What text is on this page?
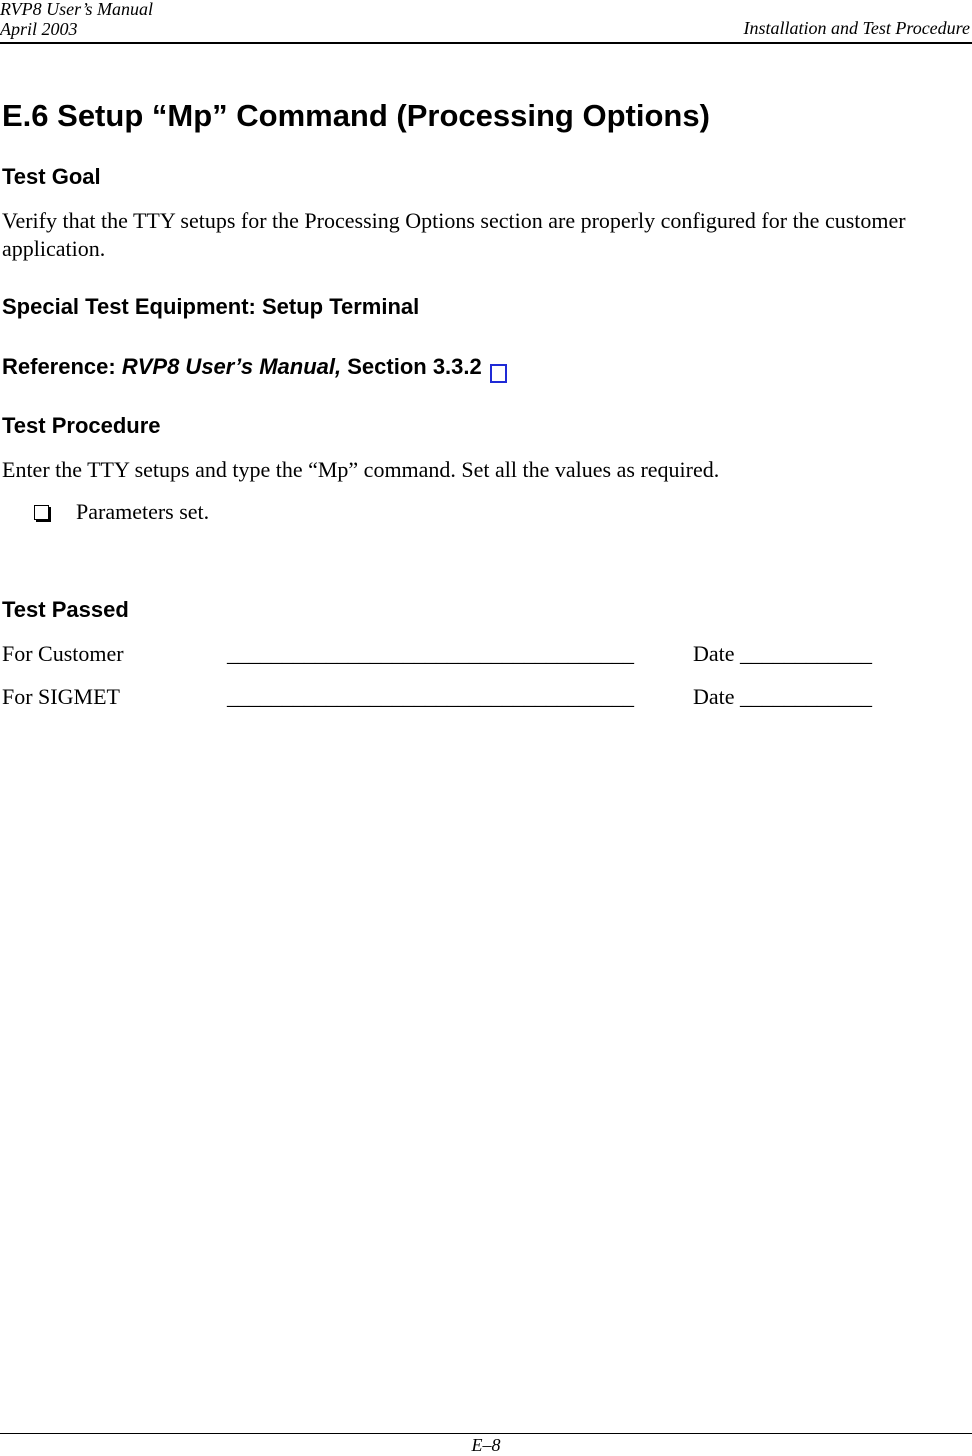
RVP8 User’s Manual
April 2003	Installation and Test Procedure
E.6 Setup “Mp” Command (Processing Options)
Test Goal
Verify that the TTY setups for the Processing Options section are properly configured for the customer application.
Special Test Equipment: Setup Terminal
Reference: RVP8 User’s Manual, Section 3.3.2
Test Procedure
Enter the TTY setups and type the “Mp” command. Set all the values as required.
Parameters set.
Test Passed
For Customer	_____________________________________	Date ____________
For SIGMET	_____________________________________	Date ____________
E–8
